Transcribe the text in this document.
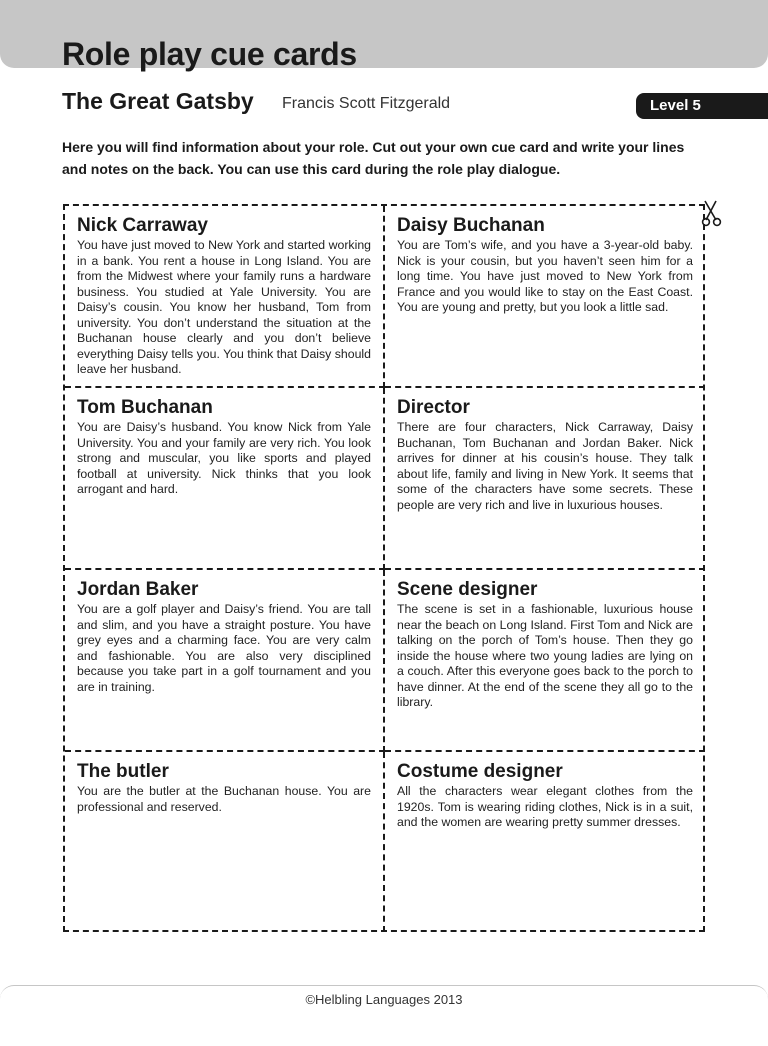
Role play cue cards
The Great Gatsby Francis Scott Fitzgerald	Level 5

Here you will find information about your role. Cut out your own cue card and write your lines and notes on the back. You can use this card during the role play dialogue.

Nick Carraway

You have just moved to New York and started working in a bank. You rent a house in Long Island. You are from the Midwest where your family runs a hardware business. You studied at Yale University. You are Daisy’s cousin. You know her husband, Tom from university. You don’t understand the situation at the Buchanan house clearly and you don’t believe everything Daisy tells you. You think that Daisy should leave her husband.

Daisy Buchanan

You are Tom’s wife, and you have a 3-year-old baby. Nick is your cousin, but you haven’t seen him for a long time. You have just moved to New York from France and you would like to stay on the East Coast. You are young and pretty, but you look a little sad.

Tom Buchanan

You are Daisy’s husband. You know Nick from Yale University. You and your family are very rich. You look strong and muscular, you like sports and played football at university. Nick thinks that you look arrogant and hard.

Director

There are four characters, Nick Carraway, Daisy Buchanan, Tom Buchanan and Jordan Baker. Nick arrives for dinner at his cousin’s house. They talk about life, family and living in New York. It seems that some of the characters have some secrets. These people are very rich and live in luxurious houses.

Jordan Baker

You are a golf player and Daisy’s friend. You are tall and slim, and you have a straight posture. You have grey eyes and a charming face. You are very calm and fashionable. You are also very disciplined because you take part in a golf tournament and you are in training.

Scene designer

The scene is set in a fashionable, luxurious house near the beach on Long Island. First Tom and Nick are talking on the porch of Tom’s house. Then they go inside the house where two young ladies are lying on a couch. After this everyone goes back to the porch to have dinner. At the end of the scene they all go to the library.

The butler

You are the butler at the Buchanan house. You are professional and reserved.

Costume designer

All the characters wear elegant clothes from the 1920s. Tom is wearing riding clothes, Nick is in a suit, and the women are wearing pretty summer dresses.

©Helbling Languages 2013
